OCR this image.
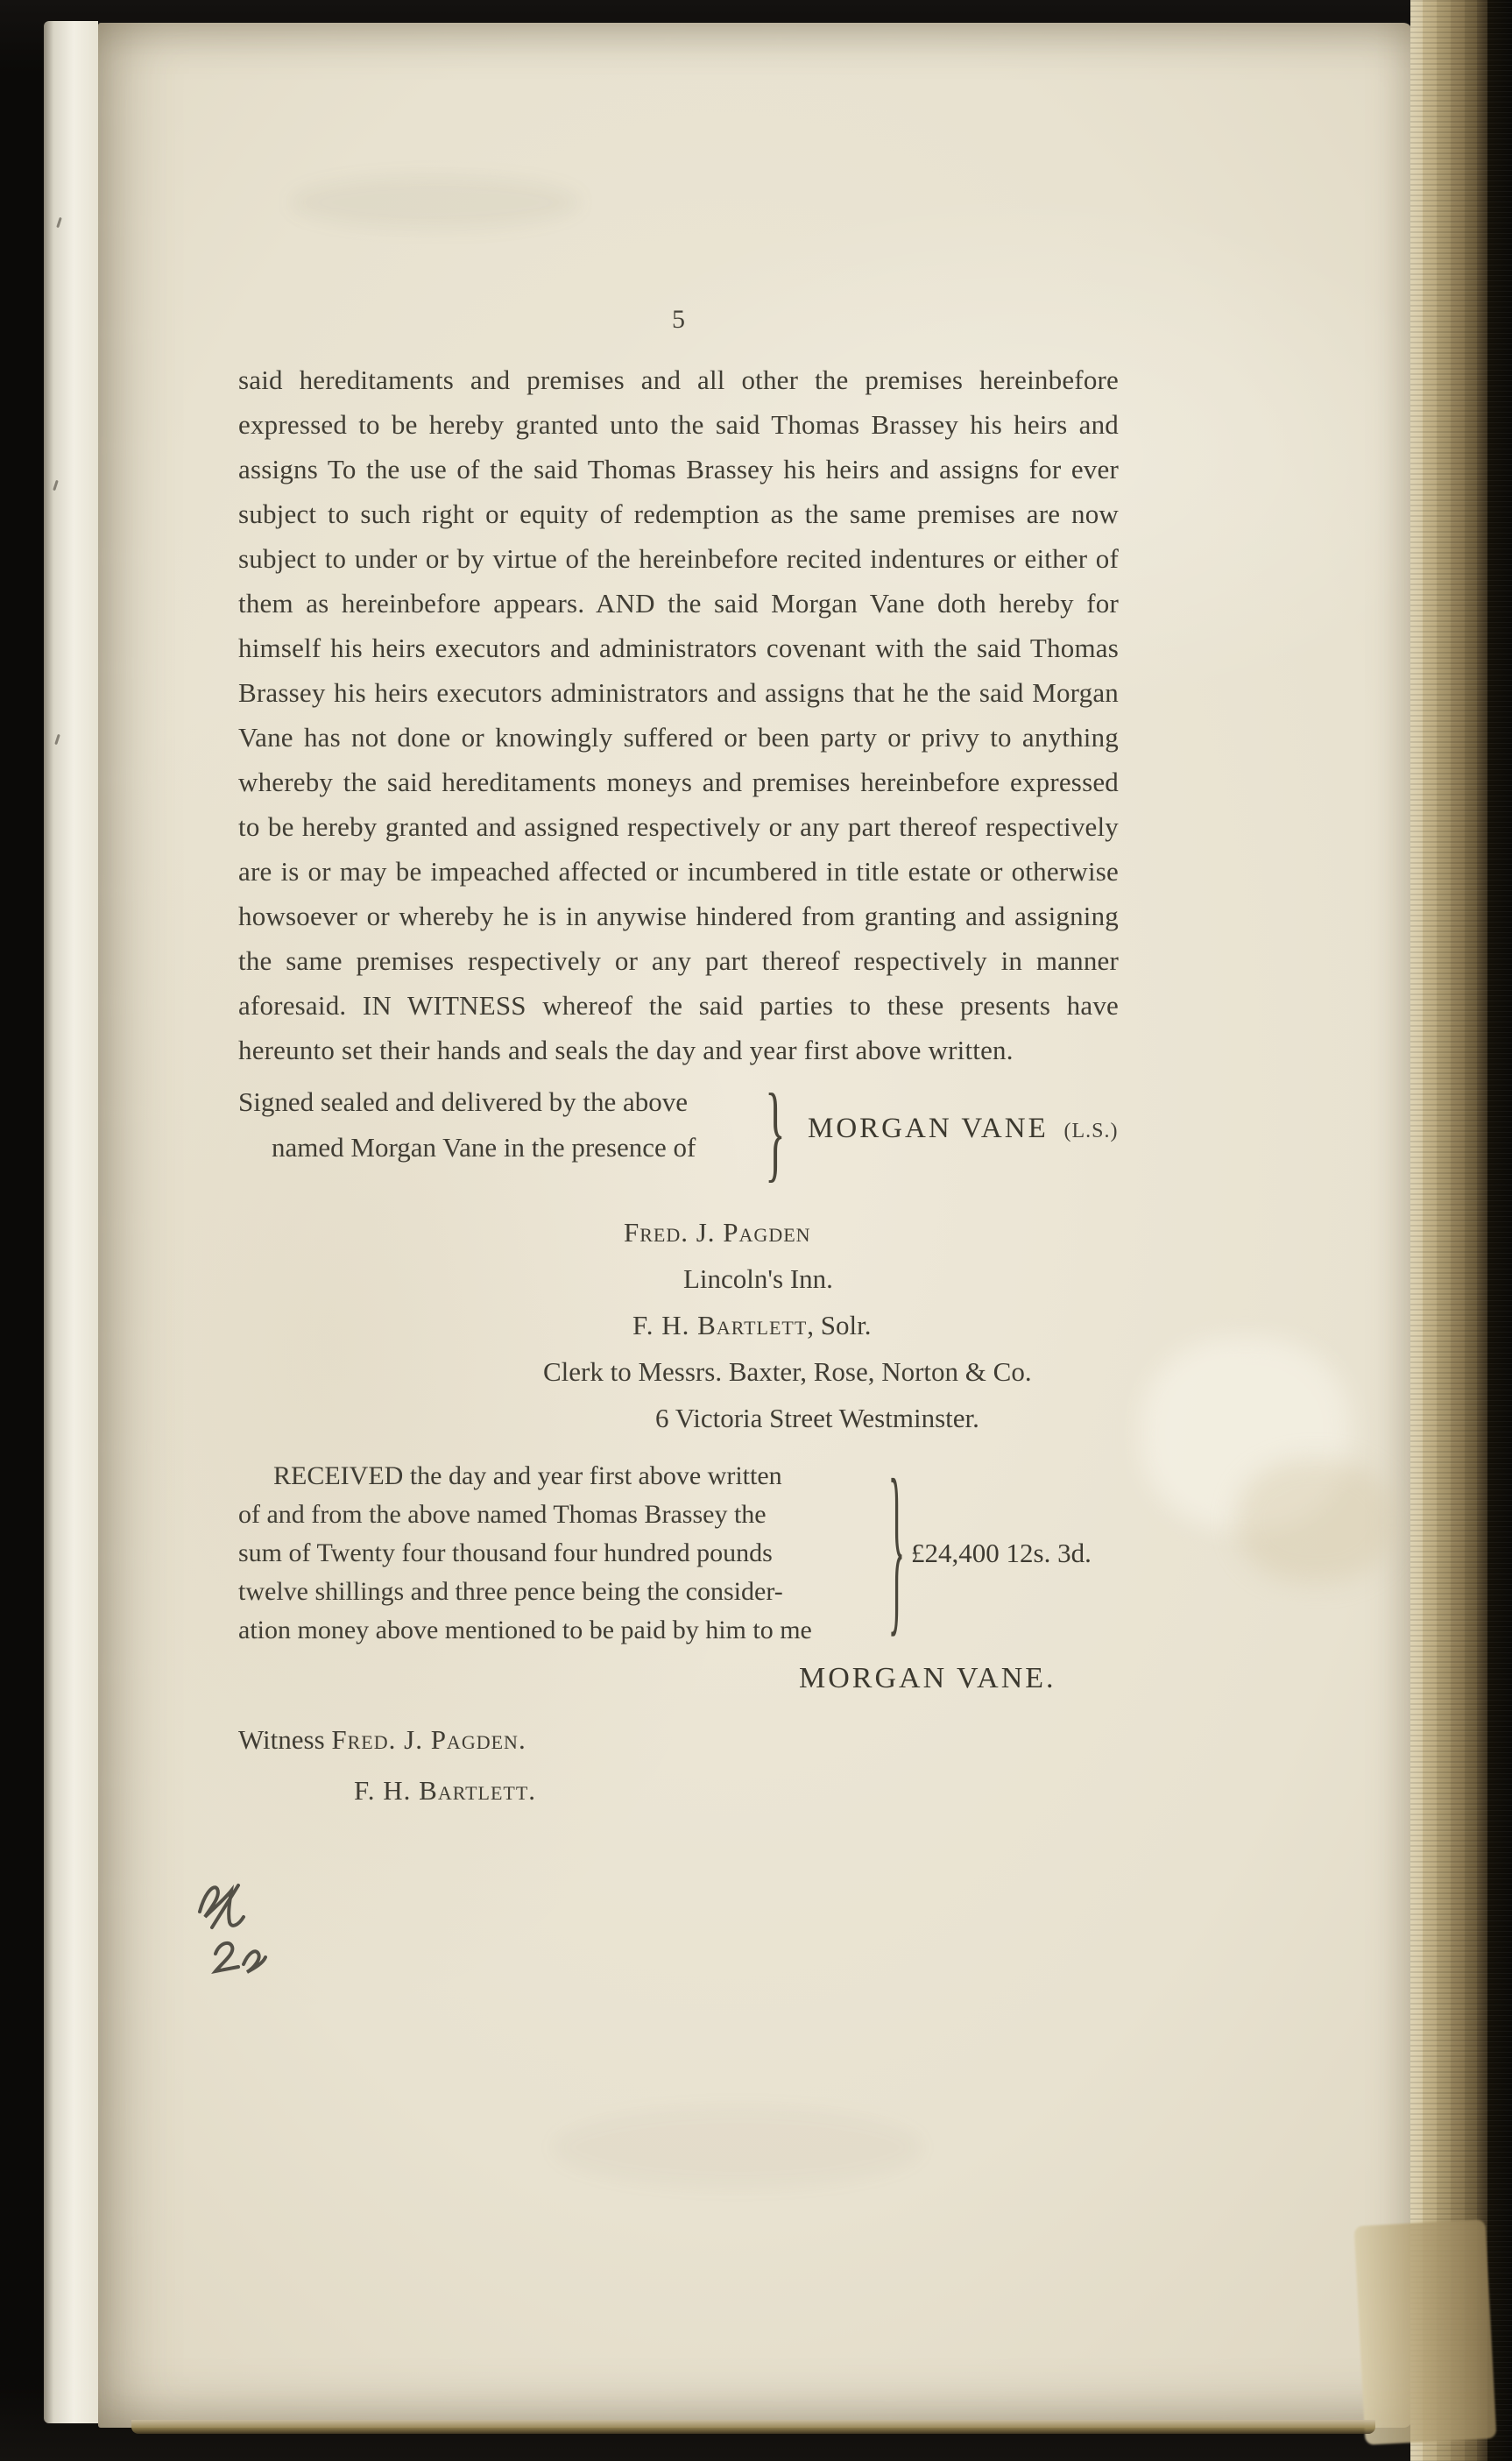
5

said hereditaments and premises and all other the premises hereinbefore expressed to be hereby granted unto the said Thomas Brassey his heirs and assigns To the use of the said Thomas Brassey his heirs and assigns for ever subject to such right or equity of redemption as the same premises are now subject to under or by virtue of the hereinbefore recited indentures or either of them as hereinbefore appears. AND the said Morgan Vane doth hereby for himself his heirs executors and administrators covenant with the said Thomas Brassey his heirs executors administrators and assigns that he the said Morgan Vane has not done or knowingly suffered or been party or privy to anything whereby the said hereditaments moneys and premises hereinbefore expressed to be hereby granted and assigned respectively or any part thereof respectively are is or may be impeached affected or incumbered in title estate or otherwise howsoever or whereby he is in anywise hindered from granting and assigning the same premises respectively or any part thereof respectively in manner aforesaid. IN WITNESS whereof the said parties to these presents have hereunto set their hands and seals the day and year first above written.

Signed sealed and delivered by the above
named Morgan Vane in the presence of } MORGAN VANE (L.S.)
Fred. J. Pagden
Lincoln's Inn.
F. H. Bartlett, Solr.
Clerk to Messrs. Baxter, Rose, Norton & Co.
6 Victoria Street Westminster.
RECEIVED the day and year first above written
of and from the above named Thomas Brassey the
sum of Twenty four thousand four hundred pounds
twelve shillings and three pence being the consider-
ation money above mentioned to be paid by him to me	} £24,400 12s. 3d.
MORGAN VANE.
Witness Fred. J. Pagden.
F. H. Bartlett.
